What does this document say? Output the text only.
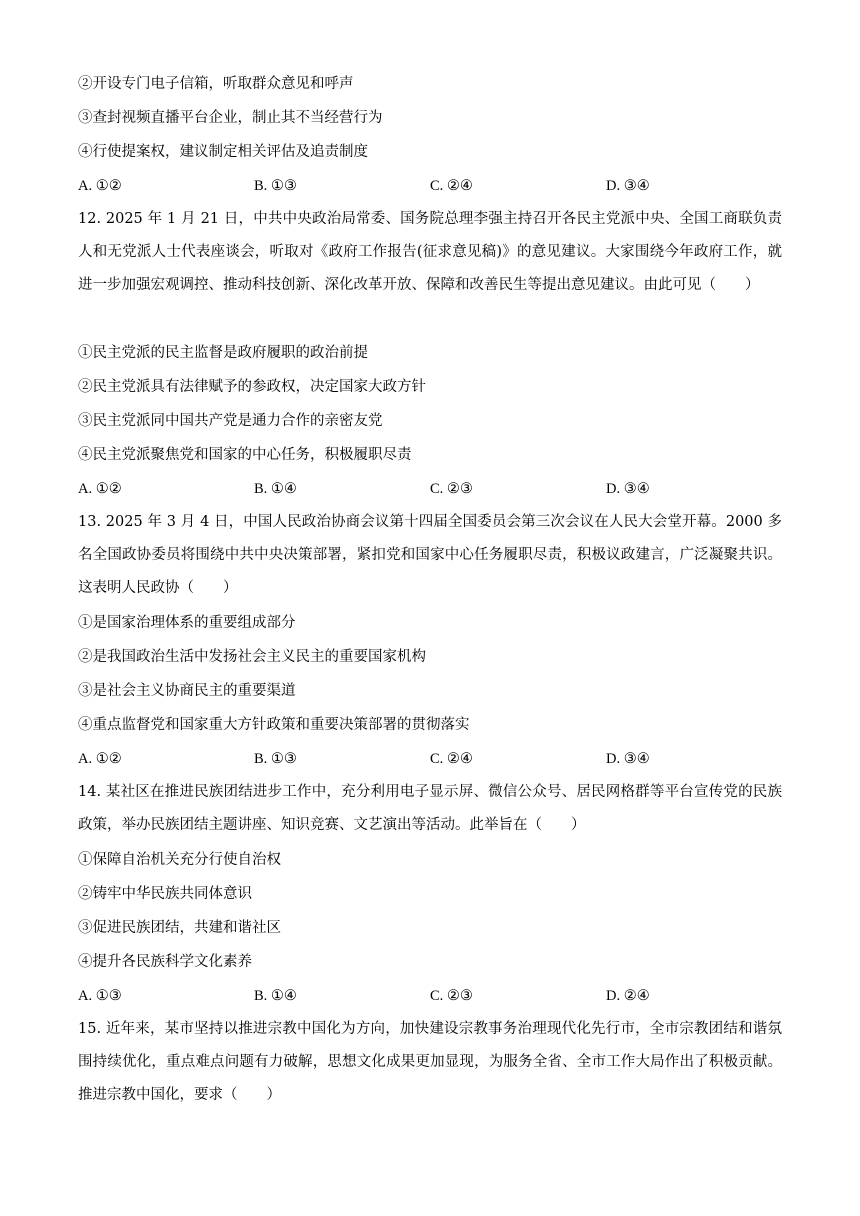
②开设专门电子信箱，听取群众意见和呼声
③查封视频直播平台企业，制止其不当经营行为
④行使提案权，建议制定相关评估及追责制度
A. ①②	B. ①③	C. ②④	D. ③④
12. 2025 年 1 月 21 日，中共中央政治局常委、国务院总理李强主持召开各民主党派中央、全国工商联负责人和无党派人士代表座谈会，听取对《政府工作报告(征求意见稿)》的意见建议。大家围绕今年政府工作，就进一步加强宏观调控、推动科技创新、深化改革开放、保障和改善民生等提出意见建议。由此可见（　　）
①民主党派的民主监督是政府履职的政治前提
②民主党派具有法律赋予的参政权，决定国家大政方针
③民主党派同中国共产党是通力合作的亲密友党
④民主党派聚焦党和国家的中心任务，积极履职尽责
A. ①②	B. ①④	C. ②③	D. ③④
13. 2025 年 3 月 4 日，中国人民政治协商会议第十四届全国委员会第三次会议在人民大会堂开幕。2000 多名全国政协委员将围绕中共中央决策部署，紧扣党和国家中心任务履职尽责，积极议政建言，广泛凝聚共识。这表明人民政协（　　）
①是国家治理体系的重要组成部分
②是我国政治生活中发扬社会主义民主的重要国家机构
③是社会主义协商民主的重要渠道
④重点监督党和国家重大方针政策和重要决策部署的贯彻落实
A. ①②	B. ①③	C. ②④	D. ③④
14. 某社区在推进民族团结进步工作中，充分利用电子显示屏、微信公众号、居民网格群等平台宣传党的民族政策，举办民族团结主题讲座、知识竞赛、文艺演出等活动。此举旨在（　　）
①保障自治机关充分行使自治权
②铸牢中华民族共同体意识
③促进民族团结，共建和谐社区
④提升各民族科学文化素养
A. ①③	B. ①④	C. ②③	D. ②④
15. 近年来，某市坚持以推进宗教中国化为方向，加快建设宗教事务治理现代化先行市，全市宗教团结和谐氛围持续优化，重点难点问题有力破解，思想文化成果更加显现，为服务全省、全市工作大局作出了积极贡献。推进宗教中国化，要求（　　）
